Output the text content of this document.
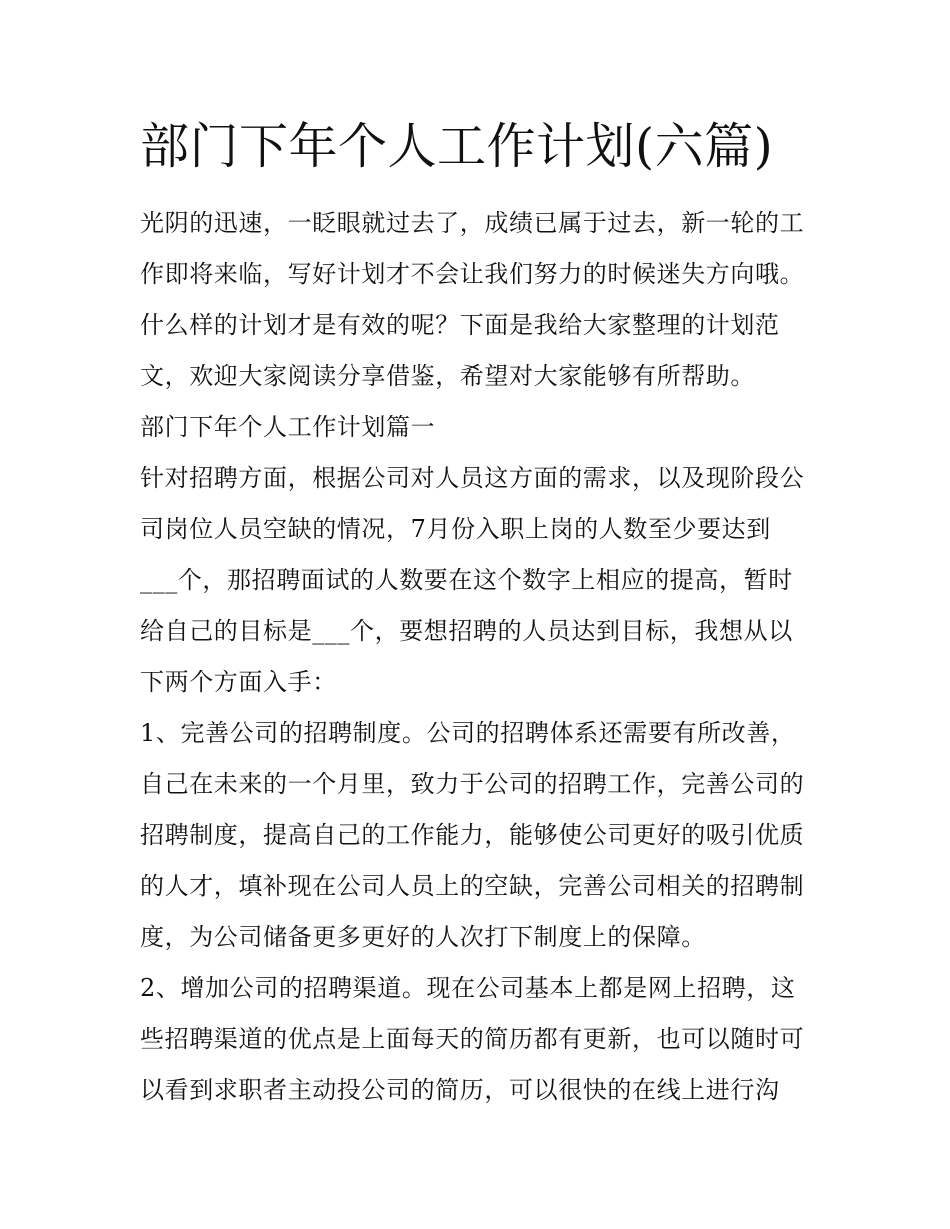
部门下年个人工作计划(六篇)

光阴的迅速，一眨眼就过去了，成绩已属于过去，新一轮的工

作即将来临，写好计划才不会让我们努力的时候迷失方向哦。

什么样的计划才是有效的呢？下面是我给大家整理的计划范

文，欢迎大家阅读分享借鉴，希望对大家能够有所帮助。

部门下年个人工作计划篇一

针对招聘方面，根据公司对人员这方面的需求，以及现阶段公

司岗位人员空缺的情况，7月份入职上岗的人数至少要达到

___个，那招聘面试的人数要在这个数字上相应的提高，暂时

给自己的目标是___个，要想招聘的人员达到目标，我想从以

下两个方面入手：

1、完善公司的招聘制度。公司的招聘体系还需要有所改善，

自己在未来的一个月里，致力于公司的招聘工作，完善公司的

招聘制度，提高自己的工作能力，能够使公司更好的吸引优质

的人才，填补现在公司人员上的空缺，完善公司相关的招聘制

度，为公司储备更多更好的人次打下制度上的保障。

2、增加公司的招聘渠道。现在公司基本上都是网上招聘，这

些招聘渠道的优点是上面每天的简历都有更新，也可以随时可

以看到求职者主动投公司的简历，可以很快的在线上进行沟
